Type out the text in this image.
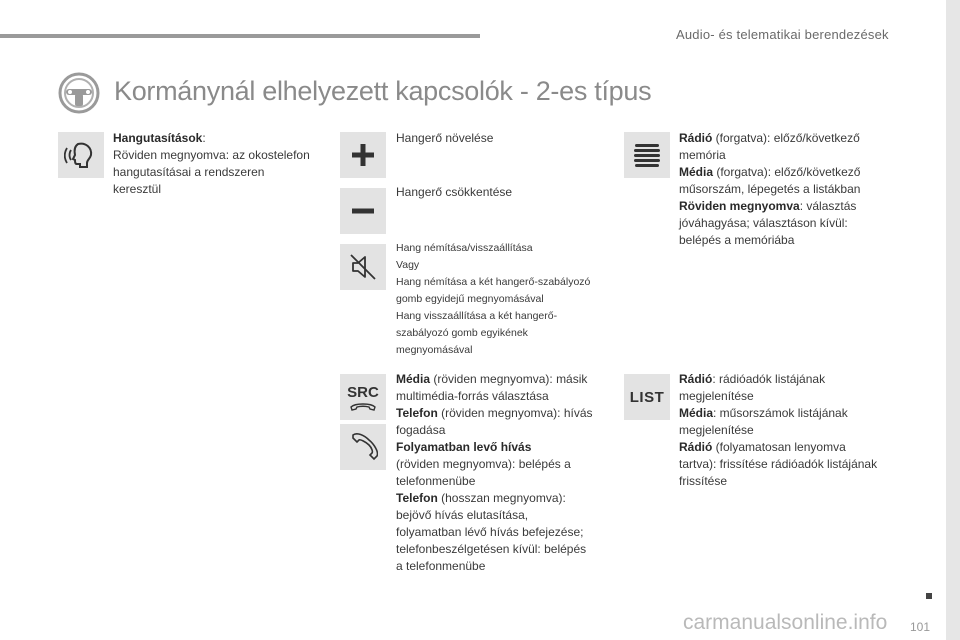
Audio- és telematikai berendezések
Kormánynál elhelyezett kapcsolók - 2-es típus
Hangutasítások:
Röviden megnyomva: az okostelefon
hangutasításai a rendszeren
keresztül
Hangerő növelése
Hangerő csökkentése
Hang némítása/visszaállítása
Vagy
Hang némítása a két hangerő-szabályozó
gomb egyidejű megnyomásával
Hang visszaállítása a két hangerő-
szabályozó gomb egyikének
megnyomásával
SRC
Média (röviden megnyomva): másik
multimédia-forrás választása
Telefon (röviden megnyomva): hívás
fogadása
Folyamatban levő hívás
(röviden megnyomva): belépés a
telefonmenübe
Telefon (hosszan megnyomva):
bejövő hívás elutasítása,
folyamatban lévő hívás befejezése;
telefonbeszélgetésen kívül: belépés
a telefonmenübe
Rádió (forgatva): előző/következő
memória
Média (forgatva): előző/következő
műsorszám, lépegetés a listákban
Röviden megnyomva: választás
jóváhagyása; választáson kívül:
belépés a memóriába
LIST
Rádió: rádióadók listájának
megjelenítése
Média: műsorszámok listájának
megjelenítése
Rádió (folyamatosan lenyomva
tartva): frissítése rádióadók listájának
frissítése
carmanualsonline.info 101
